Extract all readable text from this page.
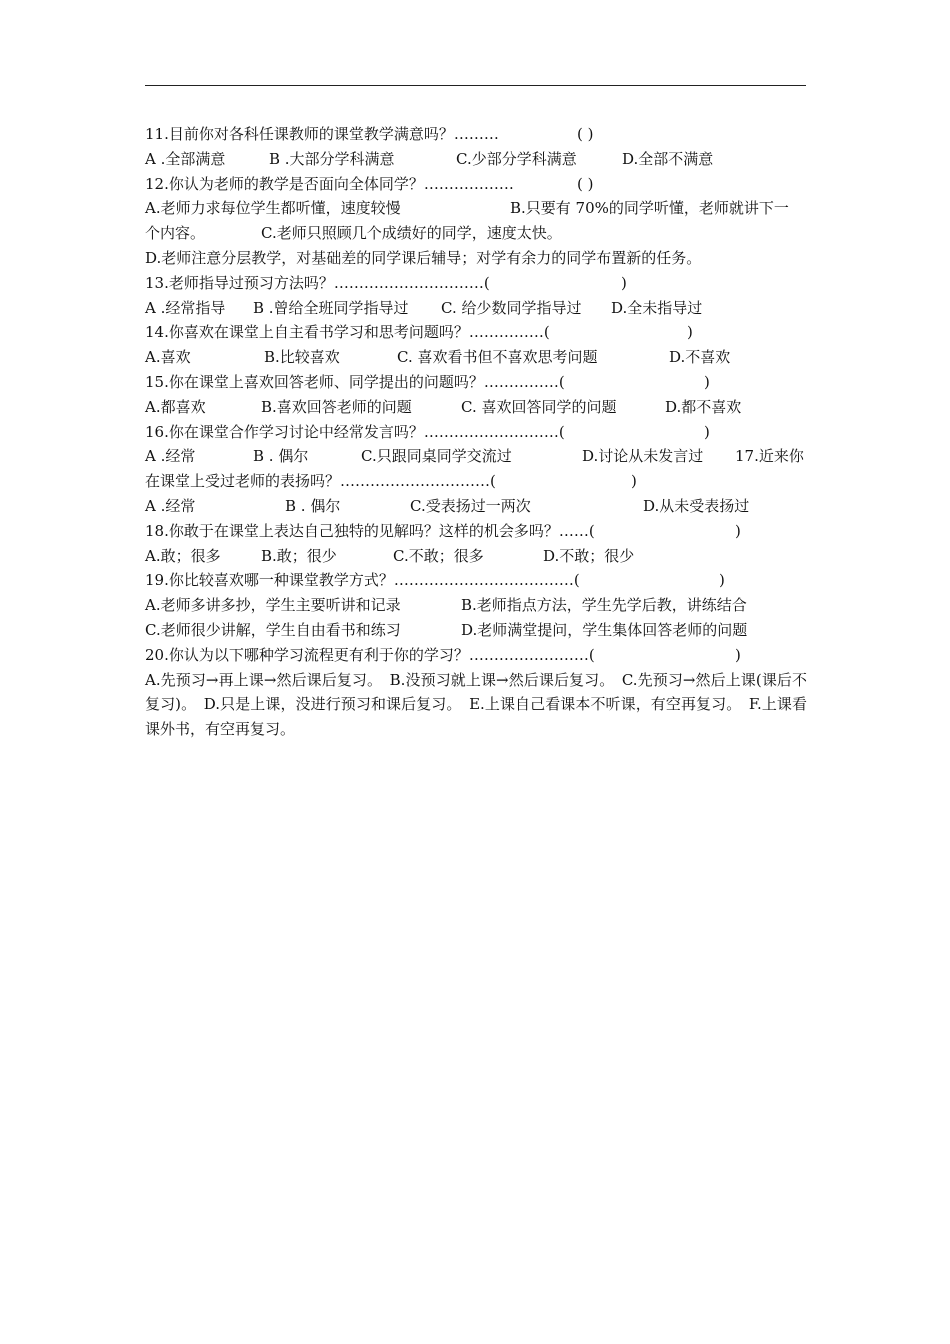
11.目前你对各科任课教师的课堂教学满意吗？………	( )
A .全部满意	B .大部分学科满意	C.少部分学科满意	D.全部不满意
12.你认为老师的教学是否面向全体同学？………………	( )
A.老师力求每位学生都听懂，速度较慢	B.只要有 70%的同学听懂，老师就讲下一
个内容。	C.老师只照顾几个成绩好的同学，速度太快。
D.老师注意分层教学，对基础差的同学课后辅导；对学有余力的同学布置新的任务。
13.老师指导过预习方法吗？…………………………(	)
A .经常指导 B .曾给全班同学指导过 C. 给少数同学指导过 D.全未指导过
14.你喜欢在课堂上自主看书学习和思考问题吗？……………(	)
A.喜欢	B.比较喜欢	C. 喜欢看书但不喜欢思考问题	D.不喜欢
15.你在课堂上喜欢回答老师、同学提出的问题吗？……………(	)
A.都喜欢	B.喜欢回答老师的问题	C. 喜欢回答同学的问题	D.都不喜欢
16.你在课堂合作学习讨论中经常发言吗？………………………(	)
A .经常	B . 偶尔	C.只跟同桌同学交流过	D.讨论从未发言过 17.近来你
在课堂上受过老师的表扬吗？…………………………(	)
A .经常	B . 偶尔	C.受表扬过一两次	D.从未受表扬过
18.你敢于在课堂上表达自己独特的见解吗？这样的机会多吗？……(	)
A.敢；很多	B.敢；很少	C.不敢；很多	D.不敢；很少
19.你比较喜欢哪一种课堂教学方式？………………………………(	)
A.老师多讲多抄，学生主要听讲和记录	B.老师指点方法，学生先学后教，讲练结合
C.老师很少讲解，学生自由看书和练习	D.老师满堂提问，学生集体回答老师的问题
20.你认为以下哪种学习流程更有利于你的学习？……………………(	)
A.先预习→再上课→然后课后复习。　B.没预习就上课→然后课后复习。　C.先预习→然后上课(课后不复习)。　D.只是上课，没进行预习和课后复习。　E.上课自己看课本不听课，有空再复习。　F.上课看课外书，有空再复习。
